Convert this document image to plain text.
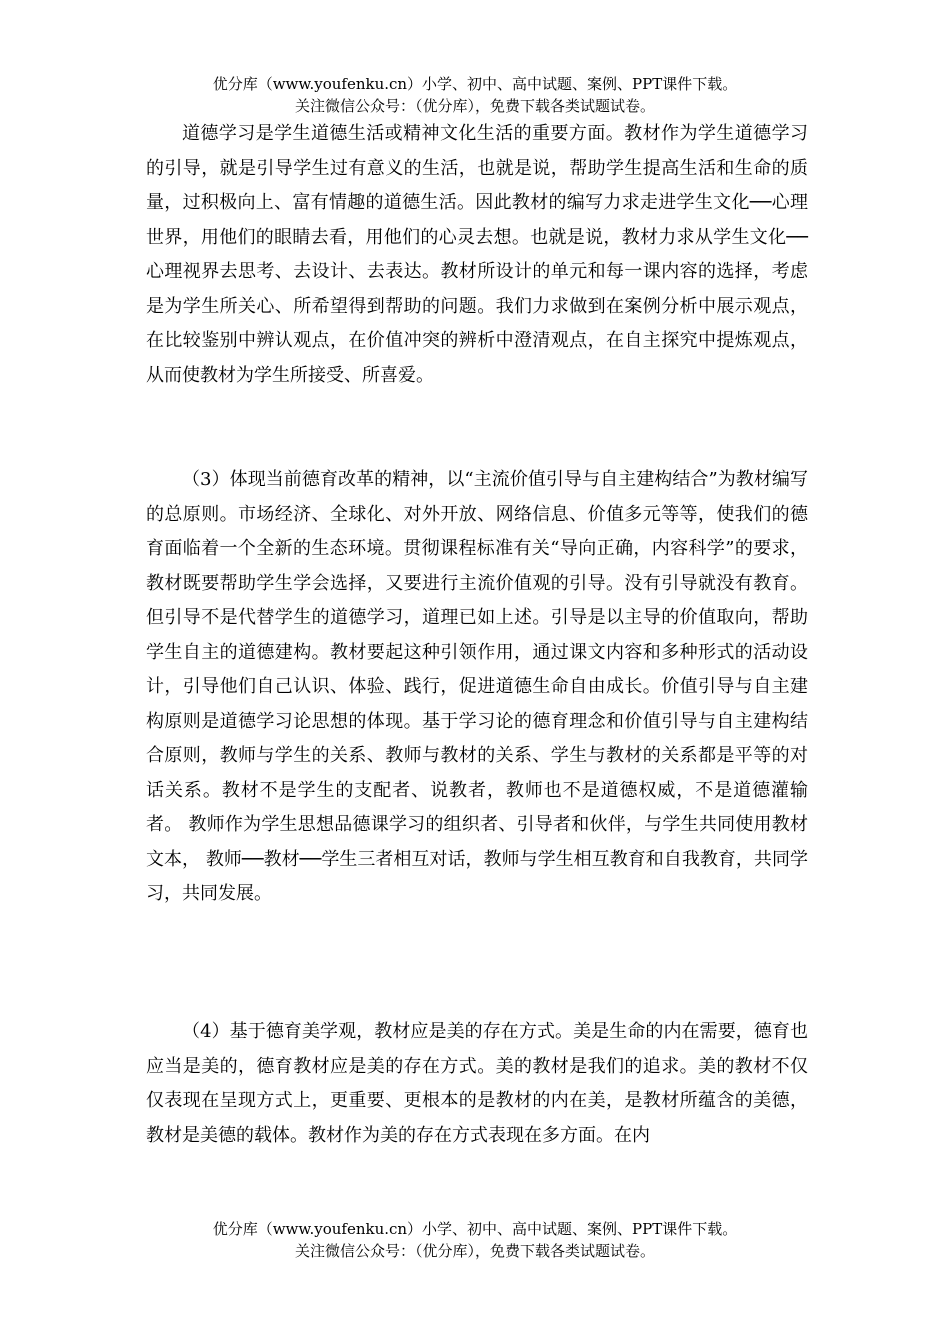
优分库（www.youfenku.cn）小学、初中、高中试题、案例、PPT课件下载。
关注微信公众号：（优分库），免费下载各类试题试卷。

道德学习是学生道德生活或精神文化生活的重要方面。教材作为学生道德学习的引导，就是引导学生过有意义的生活，也就是说，帮助学生提高生活和生命的质量，过积极向上、富有情趣的道德生活。因此教材的编写力求走进学生文化──心理世界，用他们的眼睛去看，用他们的心灵去想。也就是说，教材力求从学生文化──心理视界去思考、去设计、去表达。教材所设计的单元和每一课内容的选择，考虑是为学生所关心、所希望得到帮助的问题。我们力求做到在案例分析中展示观点，在比较鉴别中辨认观点，在价值冲突的辨析中澄清观点，在自主探究中提炼观点，从而使教材为学生所接受、所喜爱。

（3）体现当前德育改革的精神，以“主流价值引导与自主建构结合”为教材编写的总原则。市场经济、全球化、对外开放、网络信息、价值多元等等，使我们的德育面临着一个全新的生态环境。贯彻课程标准有关“导向正确，内容科学”的要求，教材既要帮助学生学会选择，又要进行主流价值观的引导。没有引导就没有教育。但引导不是代替学生的道德学习，道理已如上述。引导是以主导的价值取向，帮助学生自主的道德建构。教材要起这种引领作用，通过课文内容和多种形式的活动设计，引导他们自己认识、体验、践行，促进道德生命自由成长。价值引导与自主建构原则是道德学习论思想的体现。基于学习论的德育理念和价值引导与自主建构结合原则，教师与学生的关系、教师与教材的关系、学生与教材的关系都是平等的对话关系。教材不是学生的支配者、说教者，教师也不是道德权威，不是道德灌输者。 教师作为学生思想品德课学习的组织者、引导者和伙伴，与学生共同使用教材文本， 教师──教材──学生三者相互对话，教师与学生相互教育和自我教育，共同学习，共同发展。

（4）基于德育美学观，教材应是美的存在方式。美是生命的内在需要，德育也应当是美的，德育教材应是美的存在方式。美的教材是我们的追求。美的教材不仅仅表现在呈现方式上，更重要、更根本的是教材的内在美，是教材所蕴含的美德，教材是美德的载体。教材作为美的存在方式表现在多方面。在内

优分库（www.youfenku.cn）小学、初中、高中试题、案例、PPT课件下载。
关注微信公众号：（优分库），免费下载各类试题试卷。
